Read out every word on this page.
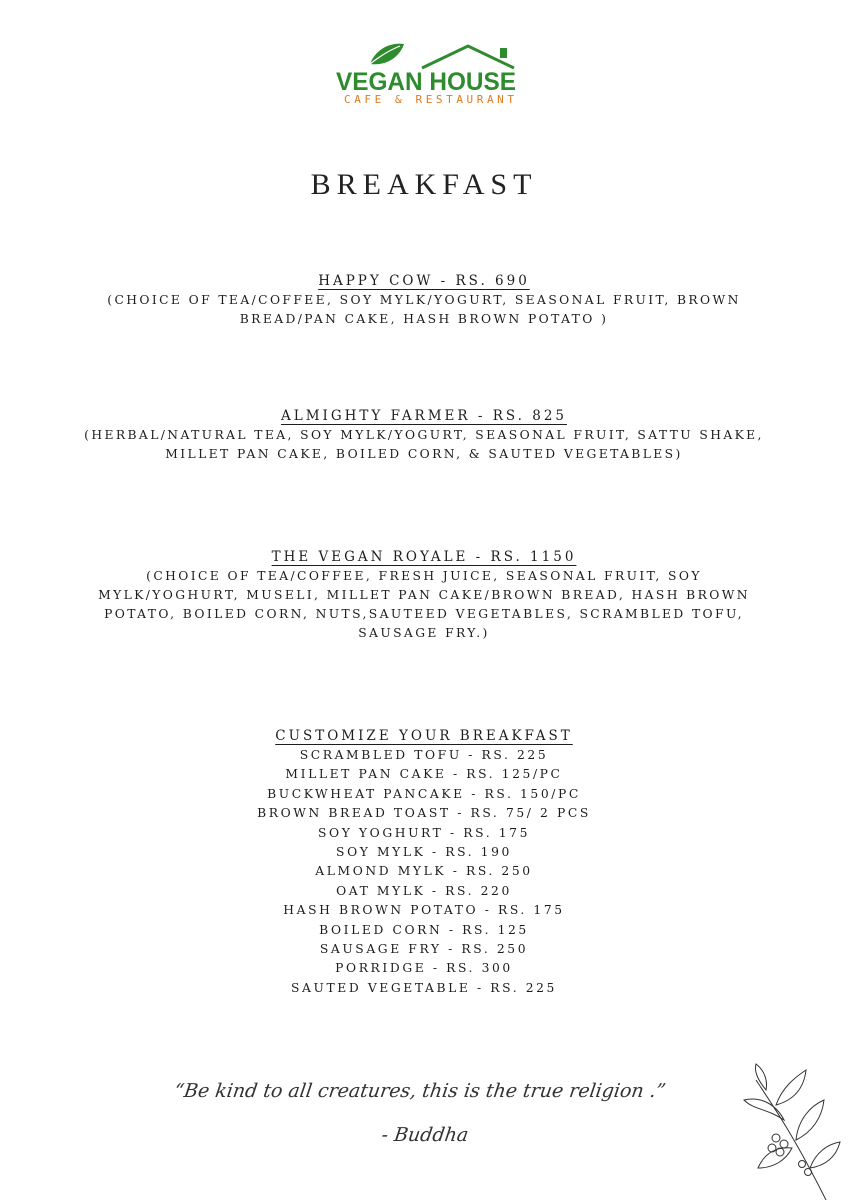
VEGAN HOUSE
CAFE & RESTAURANT
BREAKFAST
HAPPY COW - RS. 690
(CHOICE OF TEA/COFFEE, SOY MYLK/YOGURT, SEASONAL FRUIT, BROWN BREAD/PAN CAKE, HASH BROWN POTATO )
ALMIGHTY FARMER - RS. 825
(HERBAL/NATURAL TEA, SOY MYLK/YOGURT, SEASONAL FRUIT, SATTU SHAKE, MILLET PAN CAKE, BOILED CORN, & SAUTED VEGETABLES)
THE VEGAN ROYALE - RS. 1150
(CHOICE OF TEA/COFFEE, FRESH JUICE, SEASONAL FRUIT, SOY MYLK/YOGHURT, MUSELI, MILLET PAN CAKE/BROWN BREAD, HASH BROWN POTATO, BOILED CORN, NUTS,SAUTEED VEGETABLES, SCRAMBLED TOFU, SAUSAGE FRY.)
CUSTOMIZE YOUR BREAKFAST
SCRAMBLED TOFU - RS. 225
MILLET PAN CAKE - RS. 125/PC
BUCKWHEAT PANCAKE - RS. 150/PC
BROWN BREAD TOAST - RS. 75/ 2 PCS
SOY YOGHURT - RS. 175
SOY MYLK - RS. 190
ALMOND MYLK - RS. 250
OAT MYLK - RS. 220
HASH BROWN POTATO - RS. 175
BOILED CORN - RS. 125
SAUSAGE FRY - RS. 250
PORRIDGE - RS. 300
SAUTED VEGETABLE - RS. 225
“Be kind to all creatures, this is the true religion .”
- Buddha
